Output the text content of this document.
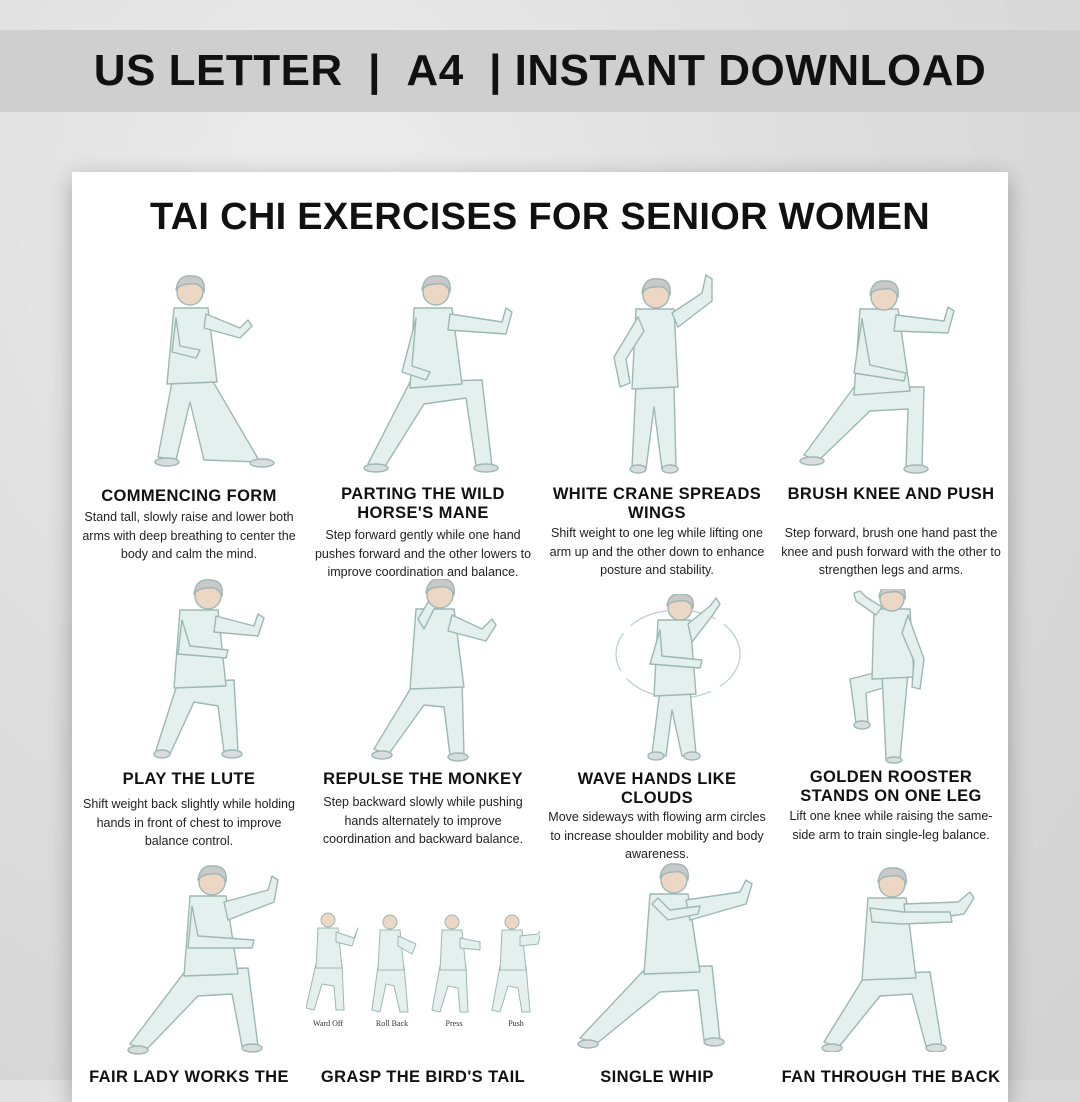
US LETTER
|
A4
|
INSTANT DOWNLOAD
TAI CHI EXERCISES FOR SENIOR WOMEN
COMMENCING FORM
Stand tall, slowly raise and lower both arms with deep breathing to center the body and calm the mind.
PARTING THE WILD HORSE'S MANE
Step forward gently while one hand pushes forward and the other lowers to improve coordination and balance.
WHITE CRANE SPREADS WINGS
Shift weight to one leg while lifting one arm up and the other down to enhance posture and stability.
BRUSH KNEE AND PUSH
Step forward, brush one hand past the knee and push forward with the other to strengthen legs and arms.
PLAY THE LUTE
Shift weight back slightly while holding hands in front of chest to improve balance control.
REPULSE THE MONKEY
Step backward slowly while pushing hands alternately to improve coordination and backward balance.
WAVE HANDS LIKE CLOUDS
Move sideways with flowing arm circles to increase shoulder mobility and body awareness.
GOLDEN ROOSTER STANDS ON ONE LEG
Lift one knee while raising the same-side arm to train single-leg balance.
FAIR LADY WORKS THE
Ward Off	Roll Back	Press	Push
GRASP THE BIRD'S TAIL	SINGLE WHIP	FAN THROUGH THE BACK
